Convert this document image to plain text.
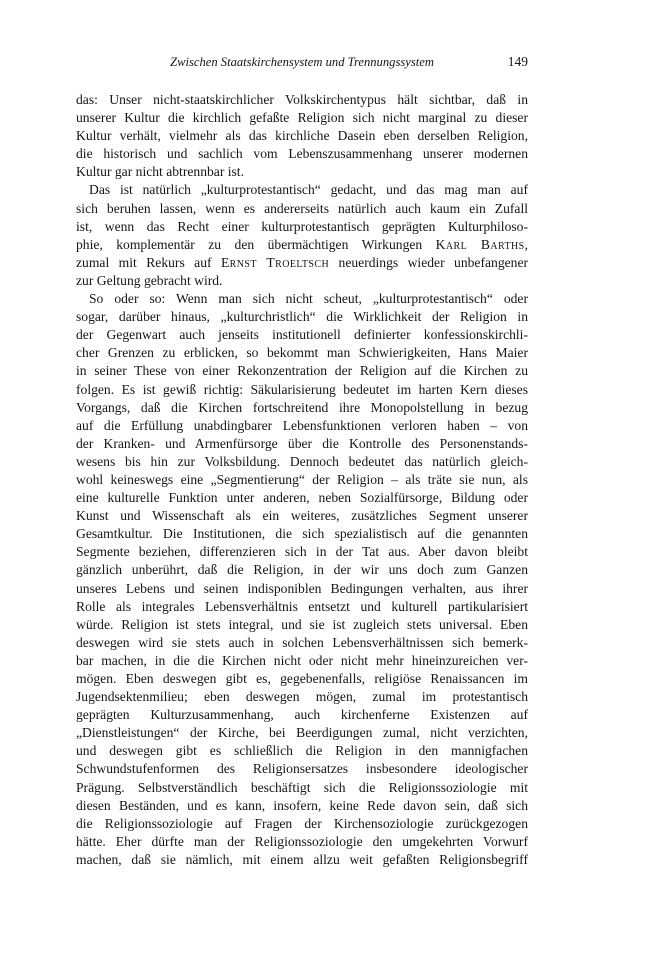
Zwischen Staatskirchensystem und Trennungssystem	149
das: Unser nicht-staatskirchlicher Volkskirchentypus hält sichtbar, daß in
unserer Kultur die kirchlich gefaßte Religion sich nicht marginal zu dieser
Kultur verhält, vielmehr als das kirchliche Dasein eben derselben Religion,
die historisch und sachlich vom Lebenszusammenhang unserer modernen
Kultur gar nicht abtrennbar ist.
Das ist natürlich „kulturprotestantisch“ gedacht, und das mag man auf
sich beruhen lassen, wenn es andererseits natürlich auch kaum ein Zufall
ist, wenn das Recht einer kulturprotestantisch geprägten Kulturphiloso-
phie, komplementär zu den übermächtigen Wirkungen Karl Barths,
zumal mit Rekurs auf Ernst Troeltsch neuerdings wieder unbefangener
zur Geltung gebracht wird.
So oder so: Wenn man sich nicht scheut, „kulturprotestantisch“ oder
sogar, darüber hinaus, „kulturchristlich“ die Wirklichkeit der Religion in
der Gegenwart auch jenseits institutionell definierter konfessionskirchli-
cher Grenzen zu erblicken, so bekommt man Schwierigkeiten, Hans Maier
in seiner These von einer Rekonzentration der Religion auf die Kirchen zu
folgen. Es ist gewiß richtig: Säkularisierung bedeutet im harten Kern dieses
Vorgangs, daß die Kirchen fortschreitend ihre Monopolstellung in bezug
auf die Erfüllung unabdingbarer Lebensfunktionen verloren haben – von
der Kranken- und Armenfürsorge über die Kontrolle des Personenstands-
wesens bis hin zur Volksbildung. Dennoch bedeutet das natürlich gleich-
wohl keineswegs eine „Segmentierung“ der Religion – als träte sie nun, als
eine kulturelle Funktion unter anderen, neben Sozialfürsorge, Bildung oder
Kunst und Wissenschaft als ein weiteres, zusätzliches Segment unserer
Gesamtkultur. Die Institutionen, die sich spezialistisch auf die genannten
Segmente beziehen, differenzieren sich in der Tat aus. Aber davon bleibt
gänzlich unberührt, daß die Religion, in der wir uns doch zum Ganzen
unseres Lebens und seinen indisponiblen Bedingungen verhalten, aus ihrer
Rolle als integrales Lebensverhältnis entsetzt und kulturell partikularisiert
würde. Religion ist stets integral, und sie ist zugleich stets universal. Eben
deswegen wird sie stets auch in solchen Lebensverhältnissen sich bemerk-
bar machen, in die die Kirchen nicht oder nicht mehr hineinzureichen ver-
mögen. Eben deswegen gibt es, gegebenenfalls, religiöse Renaissancen im
Jugendsektenmilieu; eben deswegen mögen, zumal im protestantisch
geprägten Kulturzusammenhang, auch kirchenferne Existenzen auf
„Dienstleistungen“ der Kirche, bei Beerdigungen zumal, nicht verzichten,
und deswegen gibt es schließlich die Religion in den mannigfachen
Schwundstufenformen des Religionsersatzes insbesondere ideologischer
Prägung. Selbstverständlich beschäftigt sich die Religionssoziologie mit
diesen Beständen, und es kann, insofern, keine Rede davon sein, daß sich
die Religionssoziologie auf Fragen der Kirchensoziologie zurückgezogen
hätte. Eher dürfte man der Religionssoziologie den umgekehrten Vorwurf
machen, daß sie nämlich, mit einem allzu weit gefaßten Religionsbegriff
